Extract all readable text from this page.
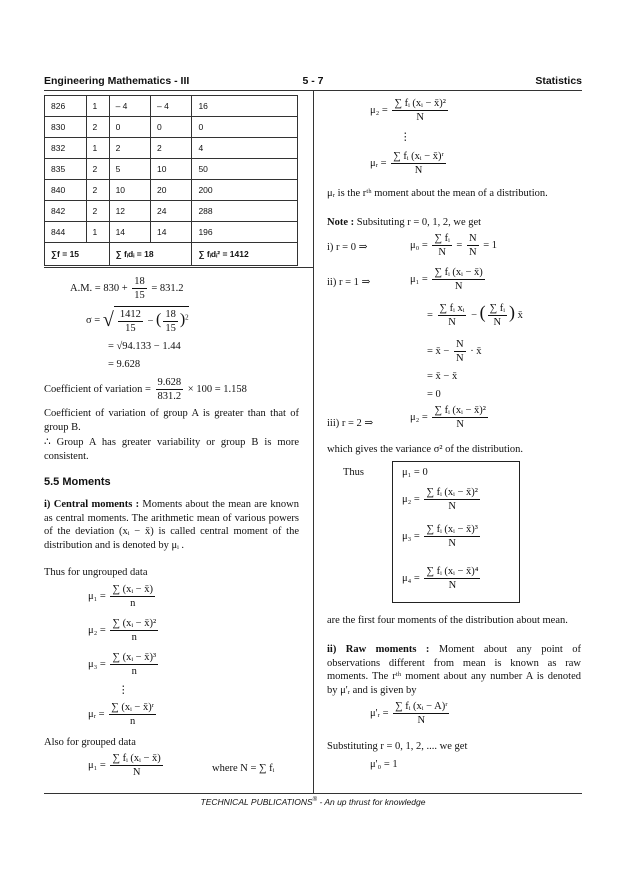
Engineering Mathematics - III	5 - 7	Statistics
826	1	– 4	– 4	16
830	2	0	0	0
832	1	2	2	4
835	2	5	10	50
840	2	10	20	200
842	2	12	24	288
844	1	14	14	196
∑f = 15		∑ fᵢdᵢ = 18		∑ fᵢdᵢ² = 1412
A.M. = $830 + \frac{18}{15} = 831.2$
σ = √ $\frac{1412}{15}$ − ( $\frac{18}{15} )^2$
= √94.133 − 1.44
= 9.628
Coefficient of variation = $\frac{9.628}{831.2} \times 100 = 1.158$
Coefficient of variation of group A is greater than that of group B.
∴ Group A has greater variability or group B is more consistent.
5.5 Moments
i) Central moments : Moments about the mean are known as central moments. The arithmetic mean of various powers of the deviation (xᵢ − x̄) is called central moment of the distribution and is denoted by μᵢ .
Thus for ungrouped data
$\mu_1 = \frac{\text{∑ (xᵢ − x̄)}}{n}$
$\mu_2 = \frac{\text{∑ (xᵢ − x̄)²}}{n}$
$\mu_3 = \frac{\text{∑ (xᵢ − x̄)³}}{n}$
⋮
μᵣ = $\frac{\text{∑ (xᵢ − x̄)ʳ}}{n}$
Also for grouped data
$\mu_1 = \frac{\text{∑ fᵢ (xᵢ − x̄)}}{N}$	where N = ∑ fᵢ
$\mu_2 = \frac{\text{∑ fᵢ (xᵢ − x̄)²}}{N}$
⋮
μᵣ = $\frac{\text{∑ fᵢ (xᵢ − x̄)ʳ}}{N}$
μᵣ is the rᵗʰ moment about the mean of a distribution.
Note : Subsituting r = 0, 1, 2, we get
i) r = 0 ⇒	$\mu_0 = \frac{\text{∑ fᵢ}}{N} = \frac{N}{N} = 1$
ii) r = 1 ⇒	$\mu_1 = \frac{\text{∑ fᵢ (xᵢ − x̄)}}{N}$
= $\frac{\text{∑ fᵢ xᵢ}}{N}$ − ( $\frac{\text{∑ fᵢ}}{N}$ ) x̄
= x̄ − $\frac{N}{N}$ · x̄
= x̄ − x̄
= 0
iii) r = 2 ⇒
$\mu_2 = \frac{\text{∑ fᵢ (xᵢ − x̄)²}}{N}$
which gives the variance σ² of the distribution.
Thus	μ₁ = 0
$\mu_2 = \frac{\text{∑ fᵢ (xᵢ − x̄)²}}{N}$
$\mu_3 = \frac{\text{∑ fᵢ (xᵢ − x̄)³}}{N}$
$\mu_4 = \frac{\text{∑ fᵢ (xᵢ − x̄)⁴}}{N}$
are the first four moments of the distribution about mean.
ii) Raw moments : Moment about any point of observations different from mean is known as raw moments. The rᵗʰ moment about any number A is denoted by μ'ᵣ and is given by
μ'ᵣ = $\frac{\text{∑ fᵢ (xᵢ − A)ʳ}}{N}$
Substituting r = 0, 1, 2, .... we get
μ'₀ = 1
TECHNICAL PUBLICATIONS® - An up thrust for knowledge
